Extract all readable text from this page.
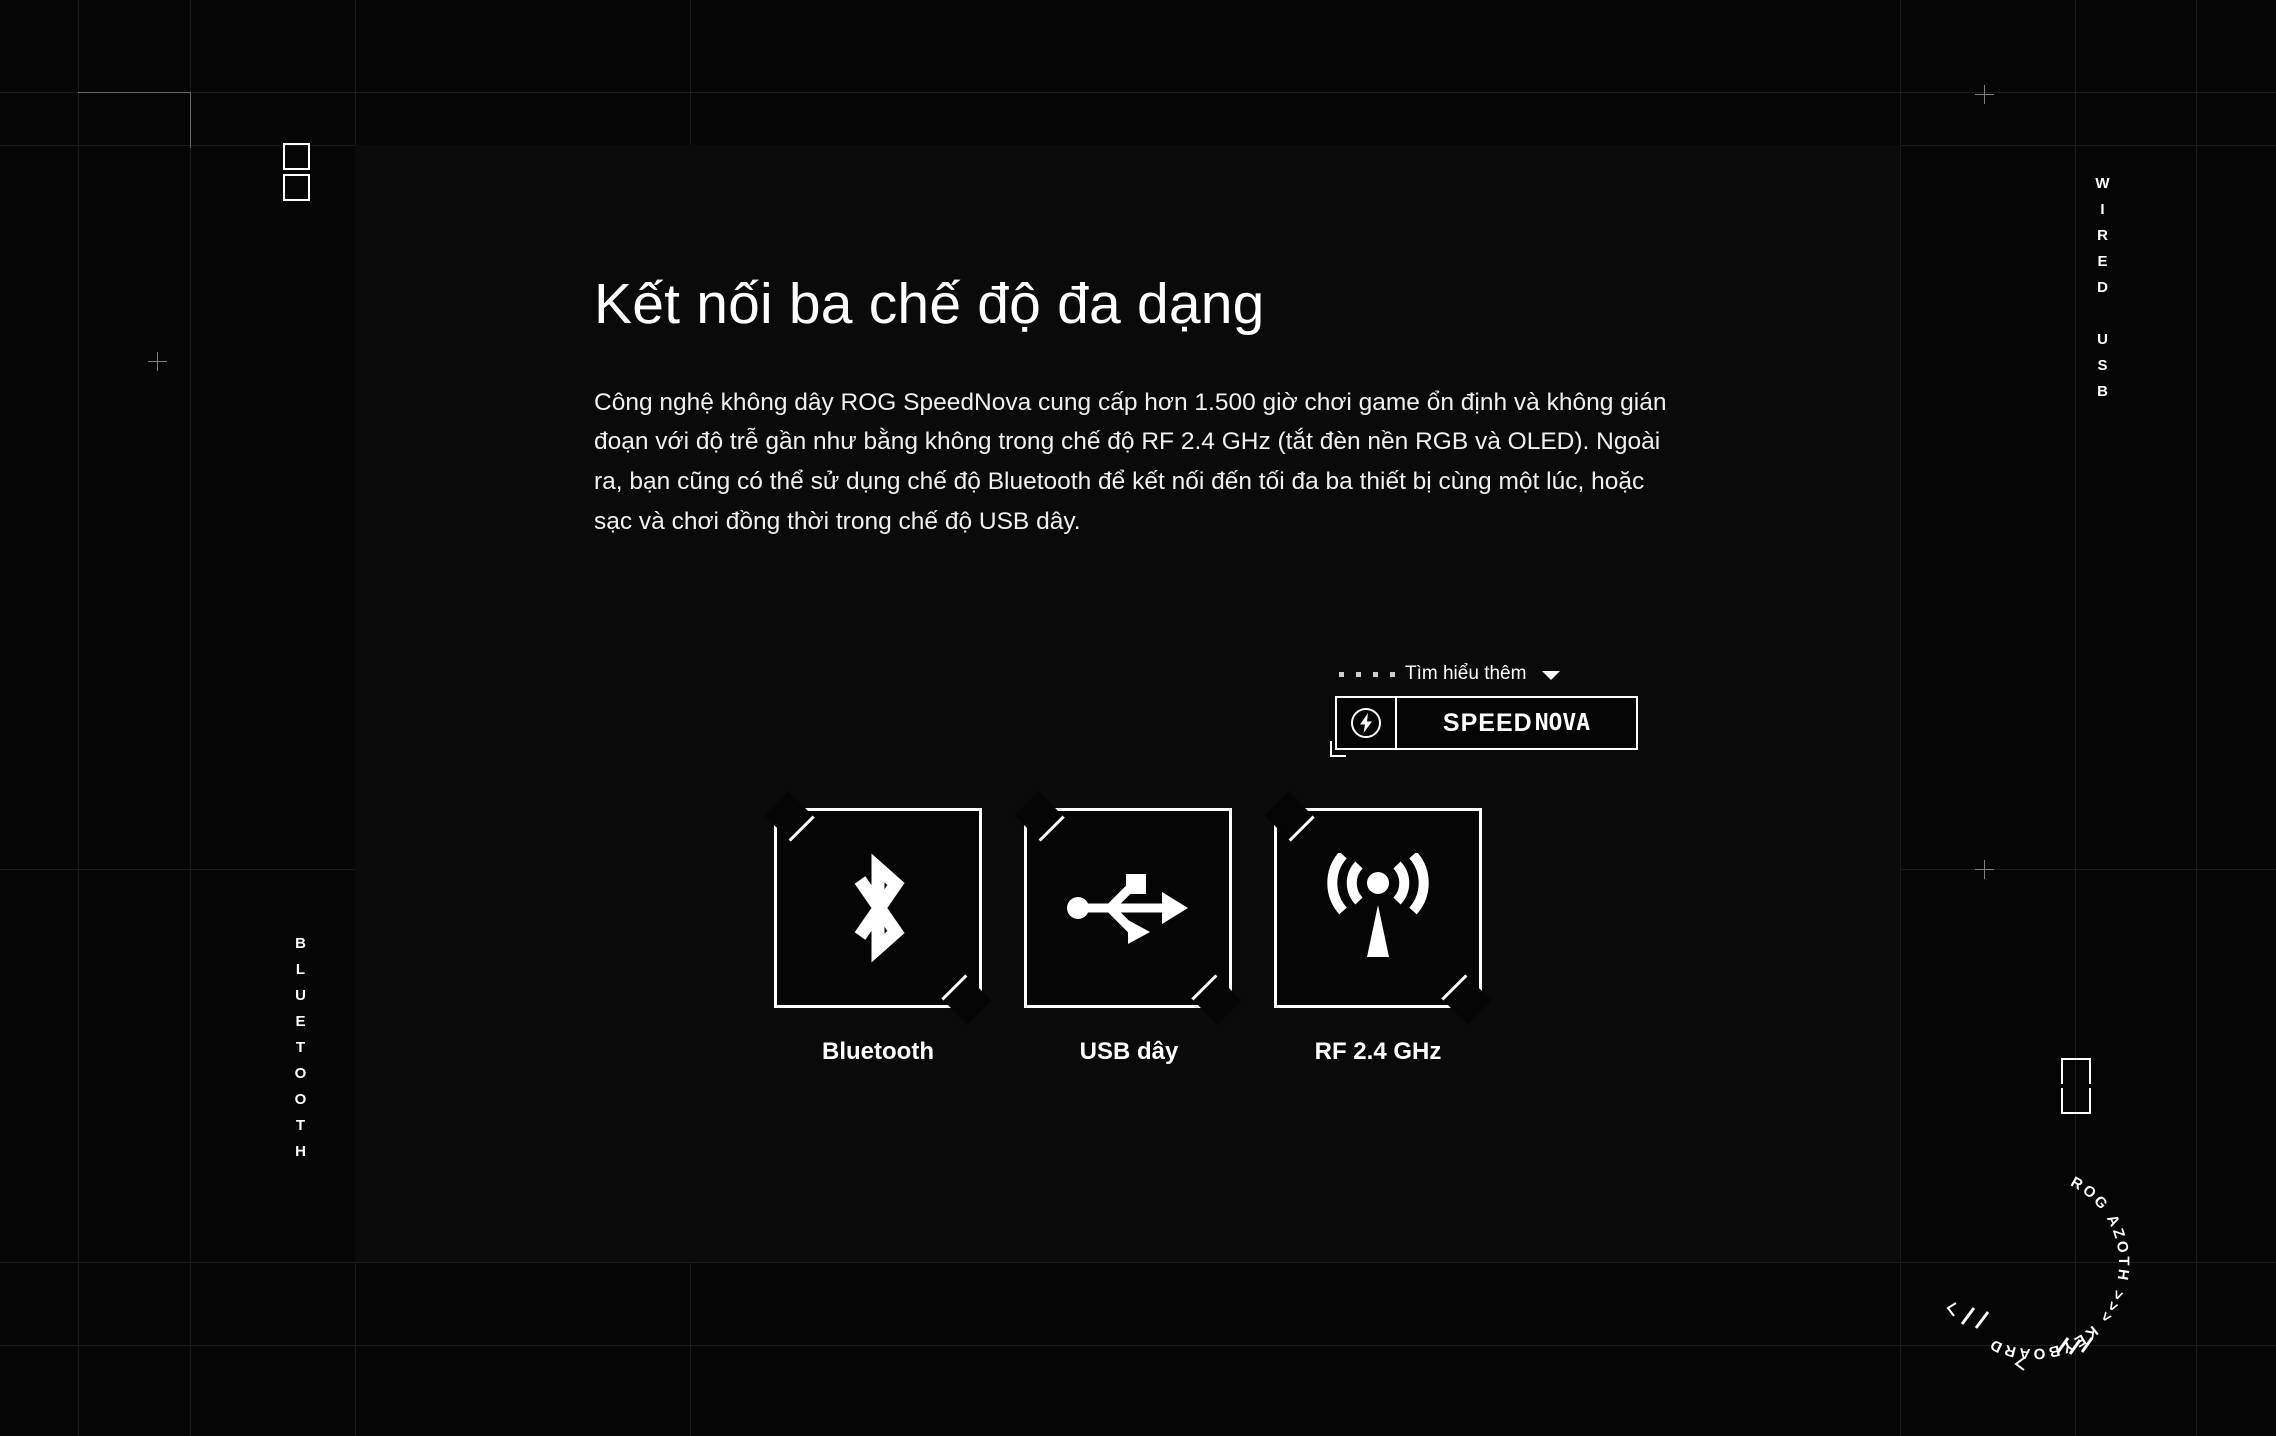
WIRED USB
BLUETOOTH
Kết nối ba chế độ đa dạng

Công nghệ không dây ROG SpeedNova cung cấp hơn 1.500 giờ chơi game ổn định và không gián đoạn với độ trễ gần như bằng không trong chế độ RF 2.4 GHz (tắt đèn nền RGB và OLED). Ngoài ra, bạn cũng có thể sử dụng chế độ Bluetooth để kết nối đến tối đa ba thiết bị cùng một lúc, hoặc sạc và chơi đồng thời trong chế độ USB dây.

Tìm hiểu thêm
SPEED NOVA
Bluetooth	USB dây	RF 2.4 GHz
ROG AZOTH >>> KEYBOARD
